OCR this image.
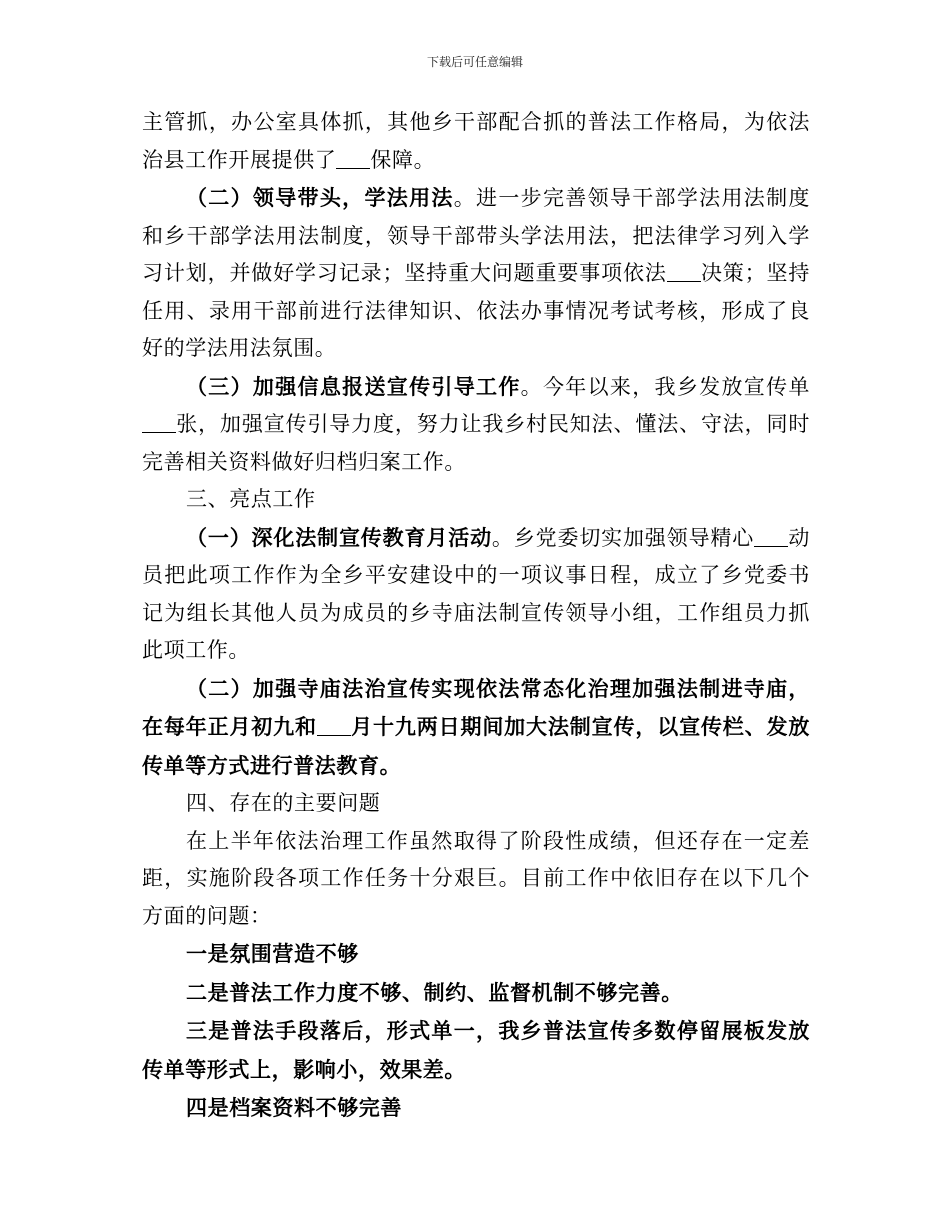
下载后可任意编辑

主管抓，办公室具体抓，其他乡干部配合抓的普法工作格局，为依法治县工作开展提供了 保障。

（二）领导带头，学法用法。进一步完善领导干部学法用法制度和乡干部学法用法制度，领导干部带头学法用法，把法律学习列入学习计划，并做好学习记录；坚持重大问题重要事项依法 决策；坚持任用、录用干部前进行法律知识、依法办事情况考试考核，形成了良好的学法用法氛围。

（三）加强信息报送宣传引导工作。今年以来，我乡发放宣传单张，加强宣传引导力度，努力让我乡村民知法、懂法、守法，同时完善相关资料做好归档归案工作。

三、亮点工作

（一）深化法制宣传教育月活动。乡党委切实加强领导精心 动员把此项工作作为全乡平安建设中的一项议事日程，成立了乡党委书记为组长其他人员为成员的乡寺庙法制宣传领导小组，工作组员力抓此项工作。

（二）加强寺庙法治宣传实现依法常态化治理加强法制进寺庙，在每年正月初九和 月十九两日期间加大法制宣传，以宣传栏、发放传单等方式进行普法教育。

四、存在的主要问题

在上半年依法治理工作虽然取得了阶段性成绩，但还存在一定差距，实施阶段各项工作任务十分艰巨。目前工作中依旧存在以下几个方面的问题：

一是氛围营造不够

二是普法工作力度不够、制约、监督机制不够完善。

三是普法手段落后，形式单一，我乡普法宣传多数停留展板发放传单等形式上，影响小，效果差。

四是档案资料不够完善
